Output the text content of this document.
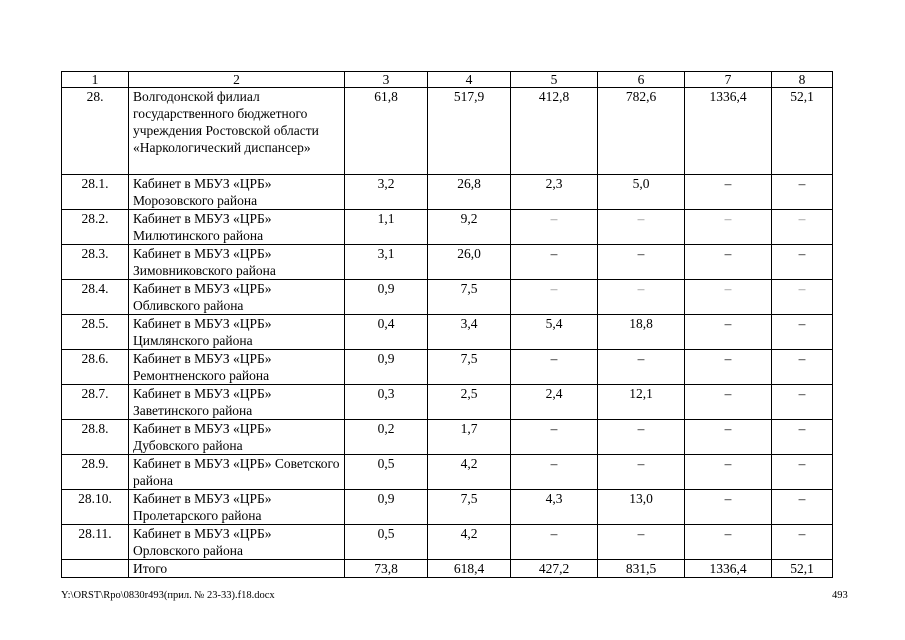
1	2	3	4	5	6	7	8
28.	Волгодонской филиал государственного бюджетного учреждения Ростовской области «Наркологический диспансер»	61,8	517,9	412,8	782,6	1336,4	52,1
28.1.	Кабинет в МБУЗ «ЦРБ» Морозовского района	3,2	26,8	2,3	5,0	–	–
28.2.	Кабинет в МБУЗ «ЦРБ» Милютинского района	1,1	9,2	–	–	–	–
28.3.	Кабинет в МБУЗ «ЦРБ» Зимовниковского района	3,1	26,0	–	–	–	–
28.4.	Кабинет в МБУЗ «ЦРБ» Обливского района	0,9	7,5	–	–	–	–
28.5.	Кабинет в МБУЗ «ЦРБ» Цимлянского района	0,4	3,4	5,4	18,8	–	–
28.6.	Кабинет в МБУЗ «ЦРБ» Ремонтненского района	0,9	7,5	–	–	–	–
28.7.	Кабинет в МБУЗ «ЦРБ» Заветинского района	0,3	2,5	2,4	12,1	–	–
28.8.	Кабинет в МБУЗ «ЦРБ» Дубовского района	0,2	1,7	–	–	–	–
28.9.	Кабинет в МБУЗ «ЦРБ» Советского района	0,5	4,2	–	–	–	–
28.10.	Кабинет в МБУЗ «ЦРБ» Пролетарского района	0,9	7,5	4,3	13,0	–	–
28.11.	Кабинет в МБУЗ «ЦРБ» Орловского района	0,5	4,2	–	–	–	–
	Итого	73,8	618,4	427,2	831,5	1336,4	52,1
Y:\ORST\Rpo\0830r493(прил. № 23-33).f18.docx	493
